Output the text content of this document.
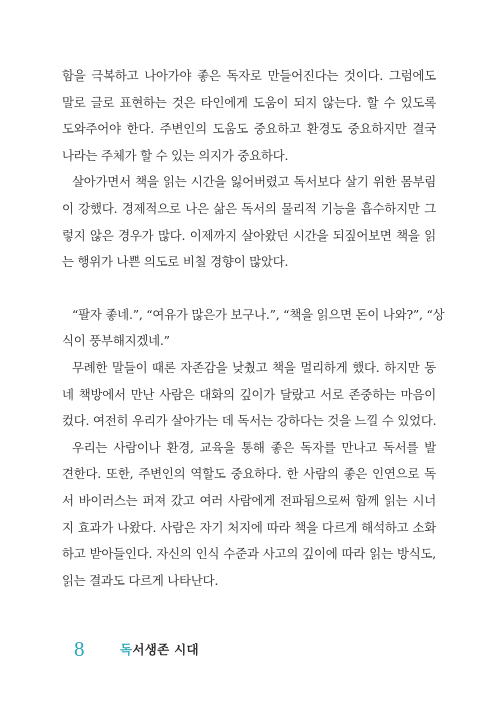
함을 극복하고 나아가야 좋은 독자로 만들어진다는 것이다. 그럼에도
말로 글로 표현하는 것은 타인에게 도움이 되지 않는다. 할 수 있도록
도와주어야 한다. 주변인의 도움도 중요하고 환경도 중요하지만 결국
나라는 주체가 할 수 있는 의지가 중요하다.
살아가면서 책을 읽는 시간을 잃어버렸고 독서보다 살기 위한 몸부림
이 강했다. 경제적으로 나은 삶은 독서의 물리적 기능을 흡수하지만 그
렇지 않은 경우가 많다. 이제까지 살아왔던 시간을 되짚어보면 책을 읽
는 행위가 나쁜 의도로 비칠 경향이 많았다.
“팔자 좋네.”, “여유가 많은가 보구나.”, “책을 읽으면 돈이 나와?”, “상
식이 풍부해지겠네.”
무례한 말들이 때론 자존감을 낮췄고 책을 멀리하게 했다. 하지만 동
네 책방에서 만난 사람은 대화의 깊이가 달랐고 서로 존중하는 마음이
컸다. 여전히 우리가 살아가는 데 독서는 강하다는 것을 느낄 수 있었다.
우리는 사람이나 환경, 교육을 통해 좋은 독자를 만나고 독서를 발
견한다. 또한, 주변인의 역할도 중요하다. 한 사람의 좋은 인연으로 독
서 바이러스는 퍼져 갔고 여러 사람에게 전파됨으로써 함께 읽는 시너
지 효과가 나왔다. 사람은 자기 처지에 따라 책을 다르게 해석하고 소화
하고 받아들인다. 자신의 인식 수준과 사고의 깊이에 따라 읽는 방식도,
읽는 결과도 다르게 나타난다.
8	독서생존 시대
